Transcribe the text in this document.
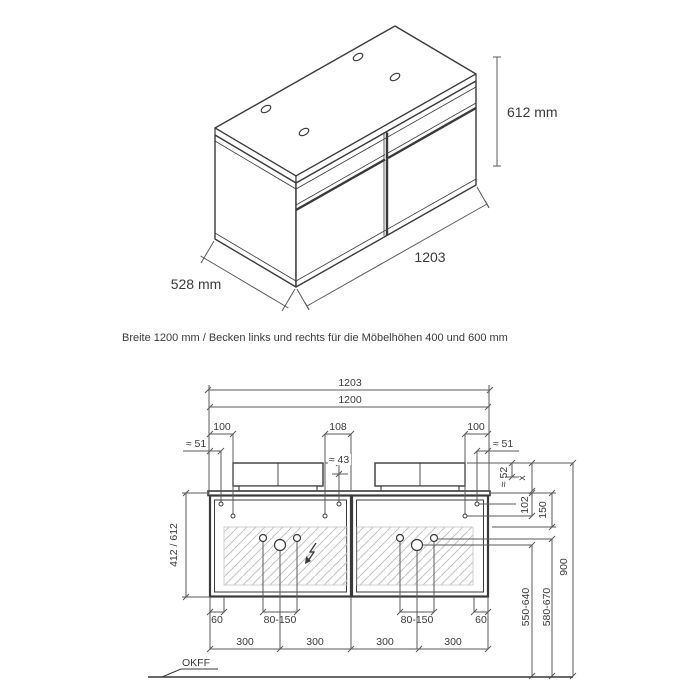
612 mm
1203
528 mm
Breite 1200 mm / Becken links und rechts für die Möbelhöhen 400 und 600 mm
1203
1200
100	108	100
≈ 51	≈ 51
≈ 43
≈ 52 x
102 150
412 / 612
60	80-150	80-150	60
300	300	300	300
550-640 580-670
900
OKFF
